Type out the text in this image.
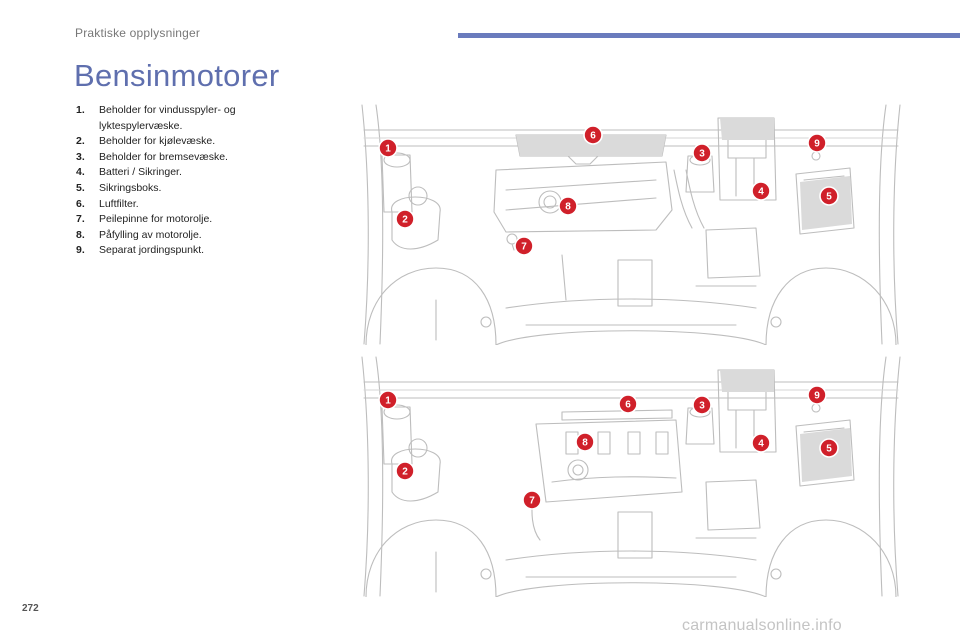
Praktiske opplysninger
Bensinmotorer
1.	Beholder for vindusspyler- og lyktespylervæske.
2.	Beholder for kjølevæske.
3.	Beholder for bremsevæske.
4.	Batteri / Sikringer.
5.	Sikringsboks.
6.	Luftfilter.
7.	Peilepinne for motorolje.
8.	Påfylling av motorolje.
9.	Separat jordingspunkt.
1
2
3
4	5
6
7
8
9
1
2
3
4	5
6
7
8
9
272
carmanualsonline.info
